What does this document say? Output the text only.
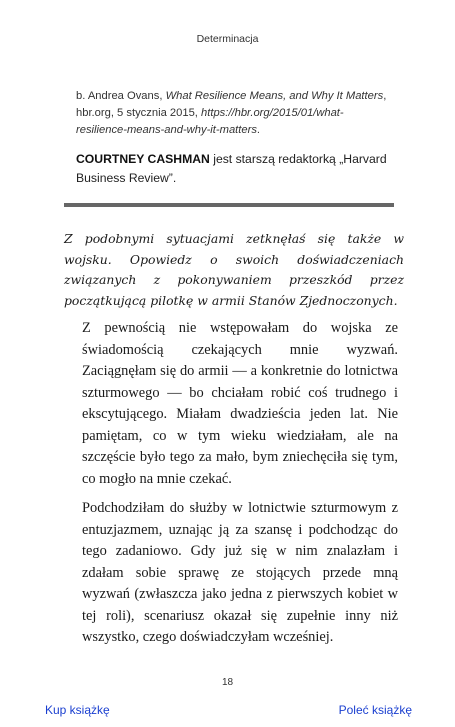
Determinacja

b. Andrea Ovans, What Resilience Means, and Why It Matters, hbr.org, 5 stycznia 2015, https://hbr.org/2015/01/what-resilience-means-and-why-it-matters.

COURTNEY CASHMAN jest starszą redaktorką „Harvard Business Review”.

Z podobnymi sytuacjami zetknęłaś się także w wojsku. Opowiedz o swoich doświadczeniach związanych z pokonywaniem przeszkód przez początkującą pilotkę w armii Stanów Zjednoczonych.

Z pewnością nie wstępowałam do wojska ze świadomością czekających mnie wyzwań. Zaciągnęłam się do armii — a konkretnie do lotnictwa szturmowego — bo chciałam robić coś trudnego i ekscytującego. Miałam dwadzieścia jeden lat. Nie pamiętam, co w tym wieku wiedziałam, ale na szczęście było tego za mało, bym zniechęciła się tym, co mogło na mnie czekać.

Podchodziłam do służby w lotnictwie szturmowym z entuzjazmem, uznając ją za szansę i podchodząc do tego zadaniowo. Gdy już się w nim znalazłam i zdałam sobie sprawę ze stojących przede mną wyzwań (zwłaszcza jako jedna z pierwszych kobiet w tej roli), scenariusz okazał się zupełnie inny niż wszystko, czego doświadczyłam wcześniej.

18
Kup książkę	Poleć książkę
